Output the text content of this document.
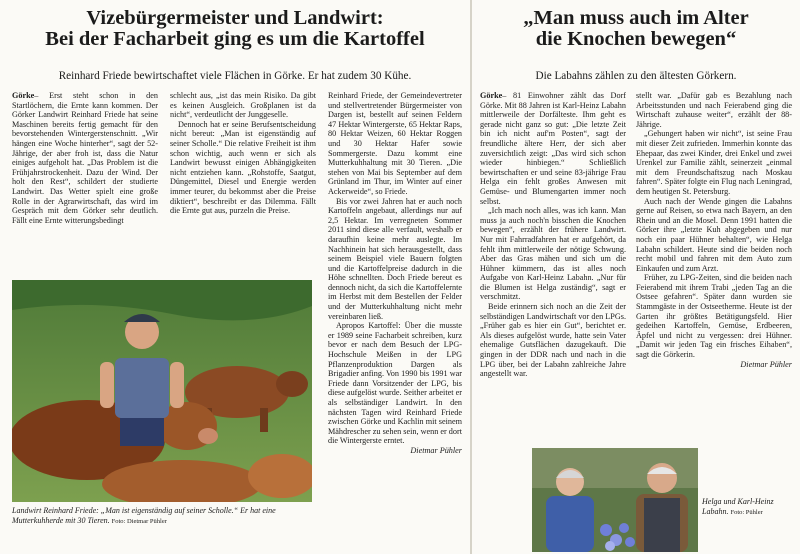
Vizebürgermeister und Landwirt:
Bei der Facharbeit ging es um die Kartoffel

Reinhard Friede bewirtschaftet viele Flächen in Görke. Er hat zudem 30 Kühe.

Görke– Erst steht schon in den Startlöchern, die Ernte kann kommen. Der Görker Landwirt Reinhard Friede hat seine Maschinen bereits fertig gemacht für den bevorstehenden Wintergerstenschnitt. „Wir hängen eine Woche hinterher“, sagt der 52-Jährige, der aber froh ist, dass die Natur einiges aufgeholt hat. „Das Problem ist die Frühjahrstrockenheit. Dazu der Wind. Der holt den Rest“, schildert der studierte Landwirt. Das Wetter spielt eine große Rolle in der Agrarwirtschaft, das wird im Gespräch mit dem Görker sehr deutlich. Fällt eine Ernte witterungsbedingt

schlecht aus, „ist das mein Risiko. Da gibt es keinen Ausgleich. Großplanen ist da nicht“, verdeutlicht der Junggeselle.

Dennoch hat er seine Berufsentscheidung nicht bereut: „Man ist eigenständig auf seiner Scholle.“ Die relative Freiheit ist ihm schon wichtig, auch wenn er sich als Landwirt bewusst einigen Abhängigkeiten nicht entziehen kann. „Rohstoffe, Saatgut, Düngemittel, Diesel und Energie werden immer teurer, du bekommst aber die Preise diktiert“, beschreibt er das Dilemma. Fällt die Ernte gut aus, purzeln die Preise.

Reinhard Friede, der Gemeindevertreter und stellvertretender Bürgermeister von Dargen ist, bestellt auf seinen Feldern 47 Hektar Wintergerste, 65 Hektar Raps, 80 Hektar Weizen, 60 Hektar Roggen und 30 Hektar Hafer sowie Sommergerste. Dazu kommt eine Mutterkuhhaltung mit 30 Tieren. „Die stehen von Mai bis September auf dem Grünland im Thur, im Winter auf einer Ackerweide“, so Friede.

Bis vor zwei Jahren hat er auch noch Kartoffeln angebaut, allerdings nur auf 2,5 Hektar. Im verregneten Sommer 2011 sind diese alle verfault, weshalb er daraufhin keine mehr auslegte. Im Nachhinein hat sich herausgestellt, dass seinem Beispiel viele Bauern folgten und die Kartoffelpreise dadurch in die Höhe schnellten. Doch Friede bereut es dennoch nicht, da sich die Kartoffelernte im Herbst mit dem Bestellen der Felder und der Mutterkuhhaltung nicht mehr vereinbaren ließ.

Apropos Kartoffel: Über die musste er 1989 seine Facharbeit schreiben, kurz bevor er nach dem Besuch der LPG-Hochschule Meißen in der LPG Pflanzenproduktion Dargen als Brigadier anfing. Von 1990 bis 1991 war Friede dann Vorsitzender der LPG, bis diese aufgelöst wurde. Seither arbeitet er als selbständiger Landwirt. In den nächsten Tagen wird Reinhard Friede zwischen Görke und Kachlin mit seinem Mähdrescher zu sehen sein, wenn er dort die Wintergerste erntet.

Dietmar Pühler
Landwirt Reinhard Friede: „Man ist eigenständig auf seiner Scholle.“ Er hat eine Mutterkuhherde mit 30 Tieren. Foto: Dietmar Pühler
„Man muss auch im Alter
die Knochen bewegen“

Die Labahns zählen zu den ältesten Görkern.

Görke– 81 Einwohner zählt das Dorf Görke. Mit 88 Jahren ist Karl-Heinz Labahn mittlerweile der Dorfälteste. Ihm geht es gerade nicht ganz so gut: „Die letzte Zeit bin ich nicht auf'm Posten“, sagt der freundliche ältere Herr, der sich aber zuversichtlich zeigt: „Das wird sich schon wieder hinbiegen.“ Schließlich bewirtschaften er und seine 83-jährige Frau Helga ein fehlt großes Anwesen mit Gemüse- und Blumengarten immer noch selbst.

„Ich mach noch alles, was ich kann. Man muss ja auch noch'n bisschen die Knochen bewegen“, erzählt der frühere Landwirt. Nur mit Fahrradfahren hat er aufgehört, da fehlt ihm mittlerweile der nötige Schwung. Aber das Gras mähen und sich um die Hühner kümmern, das ist alles noch Aufgabe von Karl-Heinz Labahn. „Nur für die Blumen ist Helga zuständig“, sagt er verschmitzt.

Beide erinnern sich noch an die Zeit der selbständigen Landwirtschaft vor den LPGs. „Früher gab es hier ein Gut“, berichtet er. Als dieses aufgelöst wurde, hatte sein Vater ehemalige Gutsflächen dazugekauft. Die gingen in der DDR nach und nach in die LPG über, bei der Labahn zahlreiche Jahre angestellt war.

stellt war. „Dafür gab es Bezahlung nach Arbeitsstunden und nach Feierabend ging die Wirtschaft zuhause weiter“, erzählt der 88-Jährige.

„Gehungert haben wir nicht“, ist seine Frau mit dieser Zeit zufrieden. Immerhin konnte das Ehepaar, das zwei Kinder, drei Enkel und zwei Urenkel zur Familie zählt, seinerzeit „einmal mit dem Freundschaftszug nach Moskau fahren“. Später folgte ein Flug nach Leningrad, dem heutigen St. Petersburg.

Auch nach der Wende gingen die Labahns gerne auf Reisen, so etwa nach Bayern, an den Rhein und an die Mosel. Denn 1991 hatten die Görker ihre „letzte Kuh abgegeben und nur noch ein paar Hühner behalten“, wie Helga Labahn schildert. Heute sind die beiden noch recht mobil und fahren mit dem Auto zum Einkaufen und zum Arzt.

Früher, zu LPG-Zeiten, sind die beiden nach Feierabend mit ihrem Trabi „jeden Tag an die Ostsee gefahren“. Später dann wurden sie Stammgäste in der Ostseetherme. Heute ist der Garten ihr größtes Betätigungsfeld. Hier gedeihen Kartoffeln, Gemüse, Erdbeeren, Äpfel und nicht zu vergessen: drei Hühner. „Damit wir jeden Tag ein frisches Eihaben“, sagt die Görkerin.

Dietmar Pühler
Helga und Karl-Heinz Labahn. Foto: Pühler
